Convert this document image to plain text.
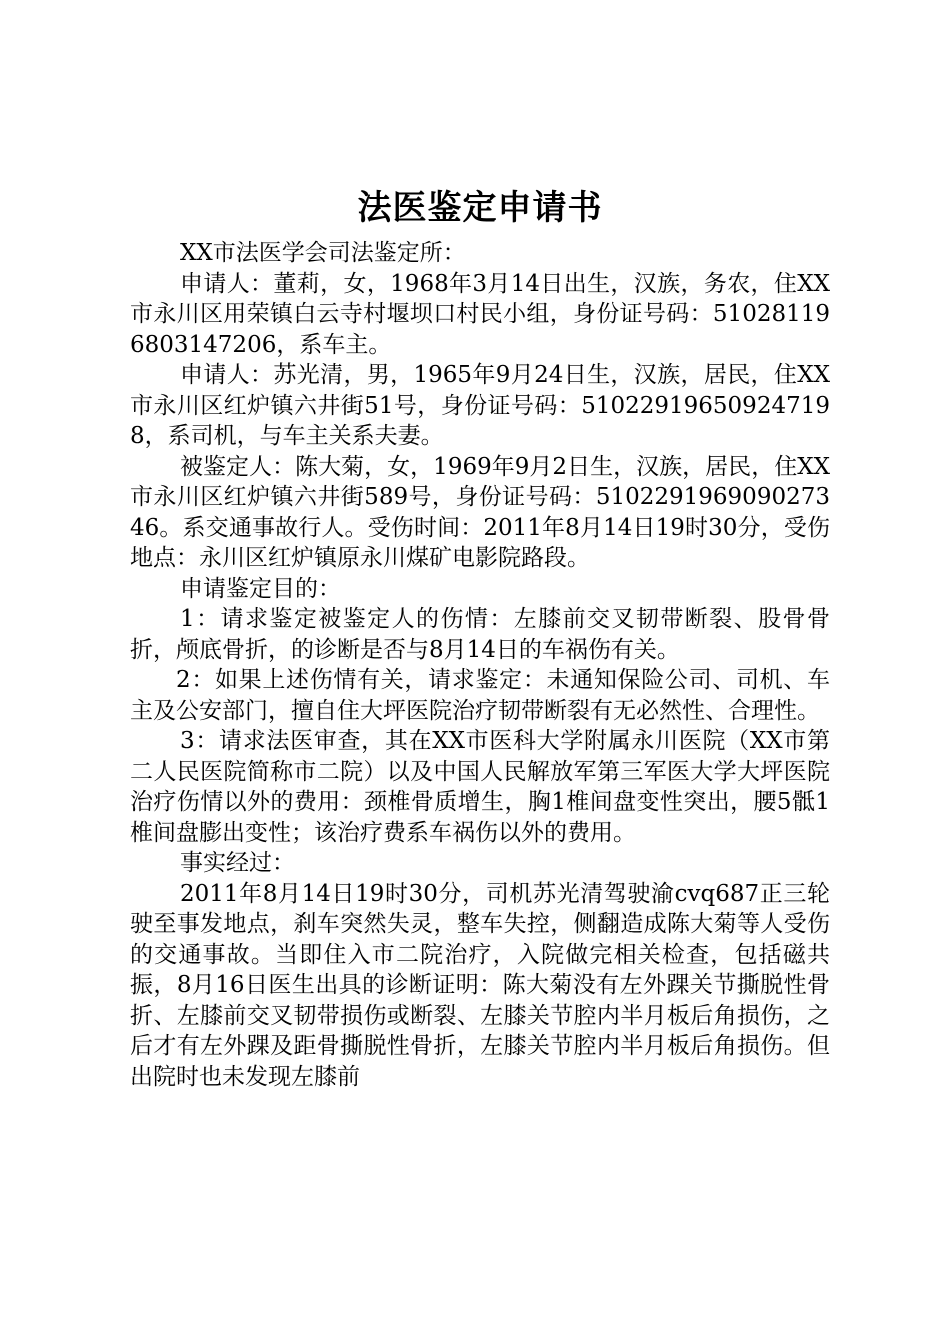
法医鉴定申请书

XX市法医学会司法鉴定所：

申请人：董莉，女，1968年3月14日出生，汉族，务农，住XX市永川区用荣镇白云寺村堰坝口村民小组，身份证号码：510281196803147206，系车主。

申请人：苏光清，男，1965年9月24日生，汉族，居民，住XX市永川区红炉镇六井街51号，身份证号码：510229196509247198，系司机，与车主关系夫妻。

被鉴定人：陈大菊，女，1969年9月2日生，汉族，居民，住XX市永川区红炉镇六井街589号，身份证号码：510229196909027346。系交通事故行人。受伤时间：2011年8月14日19时30分，受伤地点：永川区红炉镇原永川煤矿电影院路段。

申请鉴定目的：

1：请求鉴定被鉴定人的伤情：左膝前交叉韧带断裂、股骨骨折，颅底骨折，的诊断是否与8月14日的车祸伤有关。

2：如果上述伤情有关，请求鉴定：未通知保险公司、司机、车主及公安部门，擅自住大坪医院治疗韧带断裂有无必然性、合理性。

3：请求法医审查，其在XX市医科大学附属永川医院（XX市第二人民医院简称市二院）以及中国人民解放军第三军医大学大坪医院治疗伤情以外的费用：颈椎骨质增生，胸1椎间盘变性突出，腰5骶1椎间盘膨出变性；该治疗费系车祸伤以外的费用。

事实经过：

2011年8月14日19时30分，司机苏光清驾驶渝cvq687正三轮驶至事发地点，刹车突然失灵，整车失控，侧翻造成陈大菊等人受伤的交通事故。当即住入市二院治疗，入院做完相关检查，包括磁共振，8月16日医生出具的诊断证明：陈大菊没有左外踝关节撕脱性骨折、左膝前交叉韧带损伤或断裂、左膝关节腔内半月板后角损伤，之后才有左外踝及距骨撕脱性骨折，左膝关节腔内半月板后角损伤。但出院时也未发现左膝前
